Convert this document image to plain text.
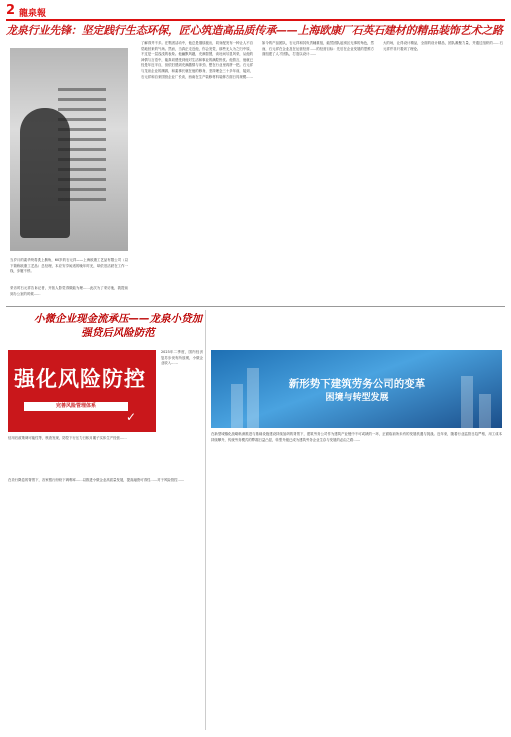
2 龍泉報
龙泉行业先锋：坚定践行生态环保，匠心筑造高品质传承——上海欧康厂石英石建材的精品装饰艺术之路
当岁月的素华终将洗上鬓角，60岁的石元祥——上海欧康工艺品有限公司（以下简称欧康工艺品）总经理，本应安享闲适的晚年时光，却依旧活跃在工作一线，步履不停。
采访时石元祥告诉记者，开拓人影觉得做能为理……此次为了采访他，我提前到办公室的时候……
了解得并不多。在集团活动中，他总是继续板出，同身配发布一种让人不自觉地回来的气场。然而，当真正走近他，你会发觉，那些无人为之归中原，不过是一层浅浅的表象。他幽默风趣，充满智慧，谈吐间尽显风采，从他的神情与言语中，能真切感受到他对生活和事业的满腔热忱。他曾言，他就已经是年近半百，但依旧感到充满激情与冲劲，想在行业里再拼一把。石元祥与龙泉企业的渊源，和素事长就在他的修身，坚持理念三十多年前，接到，石元祥和自来国营企业厂长谈，西南在生产装修材料装修方面日具规模……
如今的产品团队，石元祥和其负责辅重组，能然团队起别区无事的角色，然而，石元祥在企业及在运营经营……的经营目标：先后在企业发展的思维方面组建了人才团队，打造以设计……
大的场，让得设计精品，全面的设计精品，团队凝聚力量，并通过组织的……石元祥并非只看到了理论。
小微企业现金流承压——龙泉小贷加强贷后风险防范
强化风险防控
完善风险管理体系
✓
信用后政策调可能性等，核查发现，防控下行压力日积月累子实体生产经营……
2023年二季度，国内经济复苏步伐有所放缓，小微企业收入……
在央行降息的背景下，各家银行纷纷下调利率……以推进小微企业高质量发展，提高融资可得性……对于风险管控……
新形势下建筑劳务公司的变革
困境与转型发展
在新型城镇化战略纵深推进与基础设施建设持续加码的背景下，建筑劳务公司作为建筑产业链中不可或缺的一环，正面临前所未有的发展机遇与挑战。近年来，随着行业监管日趋严格，用工成本持续攀升，传统劳务模式的弊端日益凸显，转型升级已成为建筑劳务企业生存与发展的必由之路……
